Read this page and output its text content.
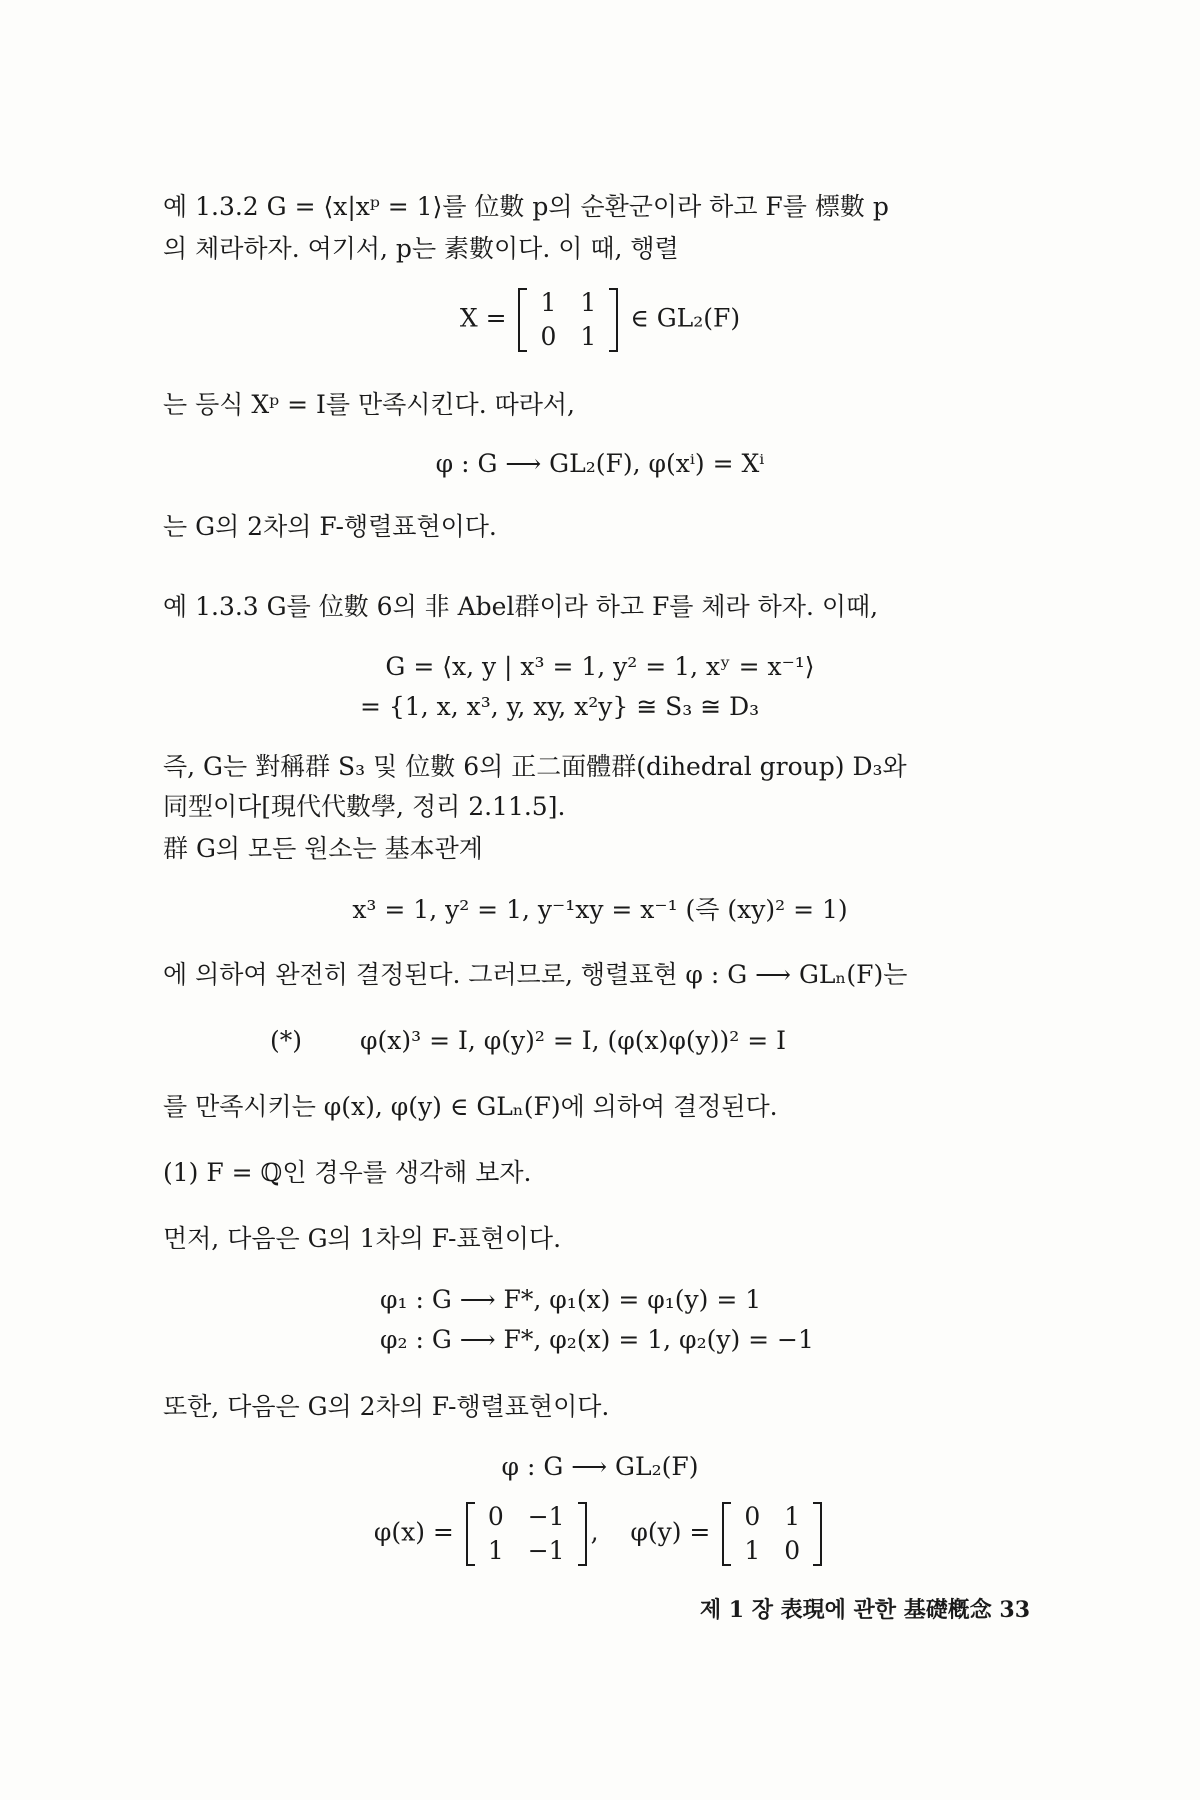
예 1.3.2 G = ⟨x|xᵖ = 1⟩를 位數 p의 순환군이라 하고 F를 標數 p
의 체라하자. 여기서, p는 素數이다. 이 때, 행렬
X =
1	1
0	1
∈ GL₂(F)
는 등식 Xᵖ = I를 만족시킨다. 따라서,
φ : G ⟶ GL₂(F), φ(xⁱ) = Xⁱ
는 G의 2차의 F-행렬표현이다.
예 1.3.3 G를 位數 6의 非 Abel群이라 하고 F를 체라 하자. 이때,
G = ⟨x, y | x³ = 1, y² = 1, xʸ = x⁻¹⟩
= {1, x, x³, y, xy, x²y} ≅ S₃ ≅ D₃
즉, G는 對稱群 S₃ 및 位數 6의 正二面體群(dihedral group) D₃와
同型이다[現代代數學, 정리 2.11.5].
群 G의 모든 원소는 基本관계
x³ = 1, y² = 1, y⁻¹xy = x⁻¹ (즉 (xy)² = 1)
에 의하여 완전히 결정된다. 그러므로, 행렬표현 φ : G ⟶ GLₙ(F)는
(*) φ(x)³ = I, φ(y)² = I, (φ(x)φ(y))² = I
를 만족시키는 φ(x), φ(y) ∈ GLₙ(F)에 의하여 결정된다.
(1) F = ℚ인 경우를 생각해 보자.
먼저, 다음은 G의 1차의 F-표현이다.
φ₁ : G ⟶ F*, φ₁(x) = φ₁(y) = 1
φ₂ : G ⟶ F*, φ₂(x) = 1, φ₂(y) = −1
또한, 다음은 G의 2차의 F-행렬표현이다.
φ : G ⟶ GL₂(F)
φ(x) =
0	−1
1	−1
, φ(y) =
0	1
1	0
제 1 장 表現에 관한 基礎槪念 33
